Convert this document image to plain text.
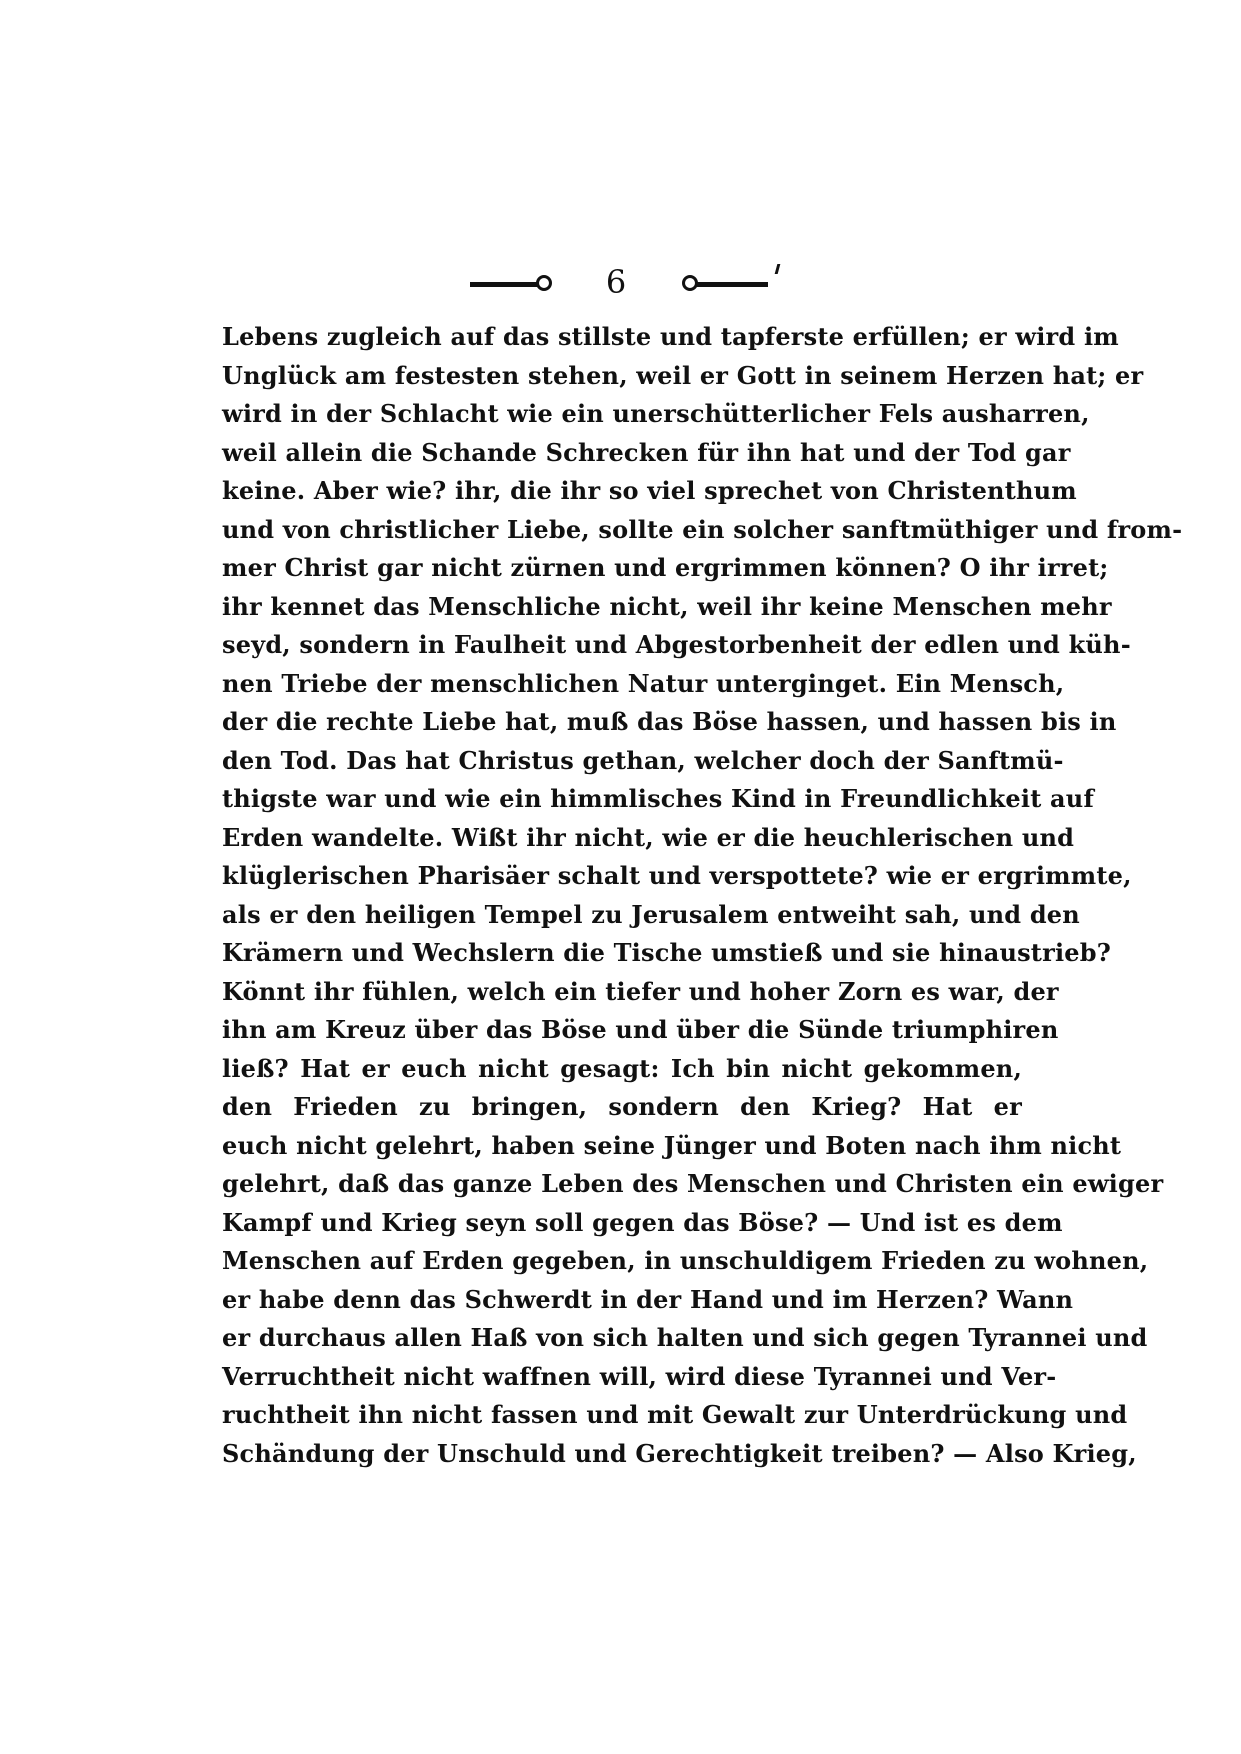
6
Lebens zugleich auf das stillste und tapferste erfüllen; er wird im
Unglück am festesten stehen, weil er Gott in seinem Herzen hat; er
wird in der Schlacht wie ein unerschütterlicher Fels ausharren,
weil allein die Schande Schrecken für ihn hat und der Tod gar
keine. Aber wie? ihr, die ihr so viel sprechet von Christenthum
und von christlicher Liebe, sollte ein solcher sanftmüthiger und from-
mer Christ gar nicht zürnen und ergrimmen können? O ihr irret;
ihr kennet das Menschliche nicht, weil ihr keine Menschen mehr
seyd, sondern in Faulheit und Abgestorbenheit der edlen und küh-
nen Triebe der menschlichen Natur unterginget. Ein Mensch,
der die rechte Liebe hat, muß das Böse hassen, und hassen bis in
den Tod. Das hat Christus gethan, welcher doch der Sanftmü-
thigste war und wie ein himmlisches Kind in Freundlichkeit auf
Erden wandelte. Wißt ihr nicht, wie er die heuchlerischen und
klüglerischen Pharisäer schalt und verspottete? wie er ergrimmte,
als er den heiligen Tempel zu Jerusalem entweiht sah, und den
Krämern und Wechslern die Tische umstieß und sie hinaustrieb?
Könnt ihr fühlen, welch ein tiefer und hoher Zorn es war, der
ihn am Kreuz über das Böse und über die Sünde triumphiren
ließ? Hat er euch nicht gesagt: Ich bin nicht gekommen,
den Frieden zu bringen, sondern den Krieg? Hat er
euch nicht gelehrt, haben seine Jünger und Boten nach ihm nicht
gelehrt, daß das ganze Leben des Menschen und Christen ein ewiger
Kampf und Krieg seyn soll gegen das Böse? — Und ist es dem
Menschen auf Erden gegeben, in unschuldigem Frieden zu wohnen,
er habe denn das Schwerdt in der Hand und im Herzen? Wann
er durchaus allen Haß von sich halten und sich gegen Tyrannei und
Verruchtheit nicht waffnen will, wird diese Tyrannei und Ver-
ruchtheit ihn nicht fassen und mit Gewalt zur Unterdrückung und
Schändung der Unschuld und Gerechtigkeit treiben? — Also Krieg,
